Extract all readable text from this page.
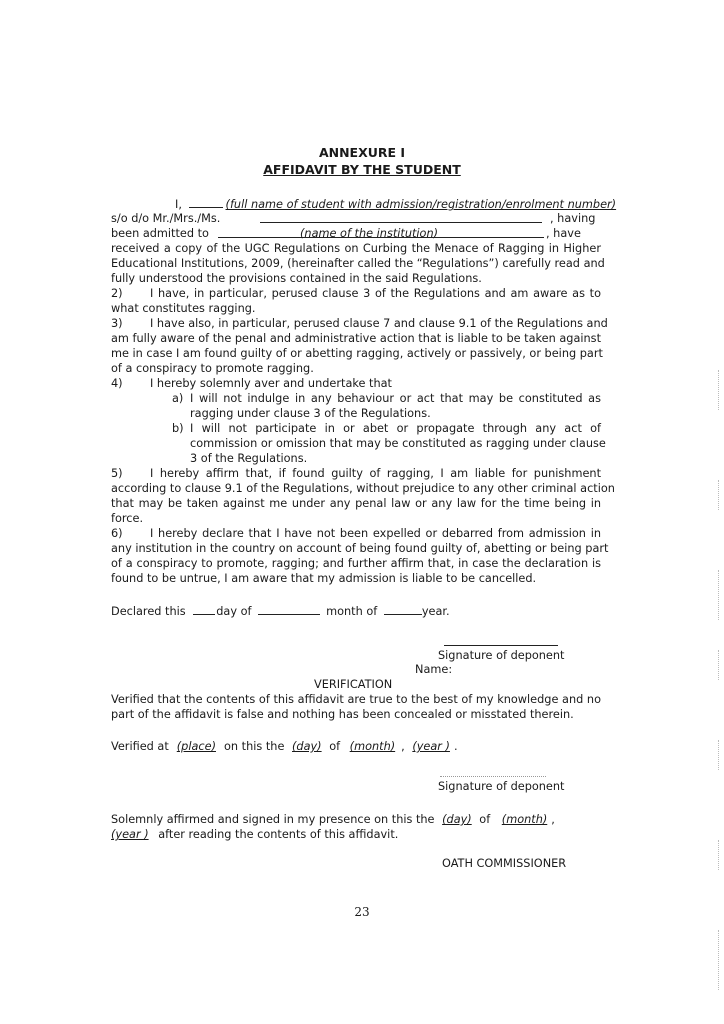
ANNEXURE I
AFFIDAVIT BY THE STUDENT
I,	(full name of student with admission/registration/enrolment number)
s/o d/o Mr./Mrs./Ms.	, having
been admitted to	(name of the institution)	, have
received a copy of the UGC Regulations on Curbing the Menace of Ragging in Higher
Educational Institutions, 2009, (hereinafter called the “Regulations”) carefully read and
fully understood the provisions contained in the said Regulations.
2) I have, in particular, perused clause 3 of the Regulations and am aware as to
what constitutes ragging.
3) I have also, in particular, perused clause 7 and clause 9.1 of the Regulations and
am fully aware of the penal and administrative action that is liable to be taken against
me in case I am found guilty of or abetting ragging, actively or passively, or being part
of a conspiracy to promote ragging.
4) I hereby solemnly aver and undertake that
a) I will not indulge in any behaviour or act that may be constituted as
ragging under clause 3 of the Regulations.
b) I will not participate in or abet or propagate through any act of
commission or omission that may be constituted as ragging under clause
3 of the Regulations.
5) I hereby affirm that, if found guilty of ragging, I am liable for punishment
according to clause 9.1 of the Regulations, without prejudice to any other criminal action
that may be taken against me under any penal law or any law for the time being in
force.
6) I hereby declare that I have not been expelled or debarred from admission in
any institution in the country on account of being found guilty of, abetting or being part
of a conspiracy to promote, ragging; and further affirm that, in case the declaration is
found to be untrue, I am aware that my admission is liable to be cancelled.
Declared this	day of	month of	year.
Signature of deponent
Name:
VERIFICATION
Verified that the contents of this affidavit are true to the best of my knowledge and no
part of the affidavit is false and nothing has been concealed or misstated therein.
Verified at (place) on this the (day) of (month) , (year ) .
Signature of deponent
Solemnly affirmed and signed in my presence on this the (day) of (month) ,
(year ) after reading the contents of this affidavit.
OATH COMMISSIONER
23
